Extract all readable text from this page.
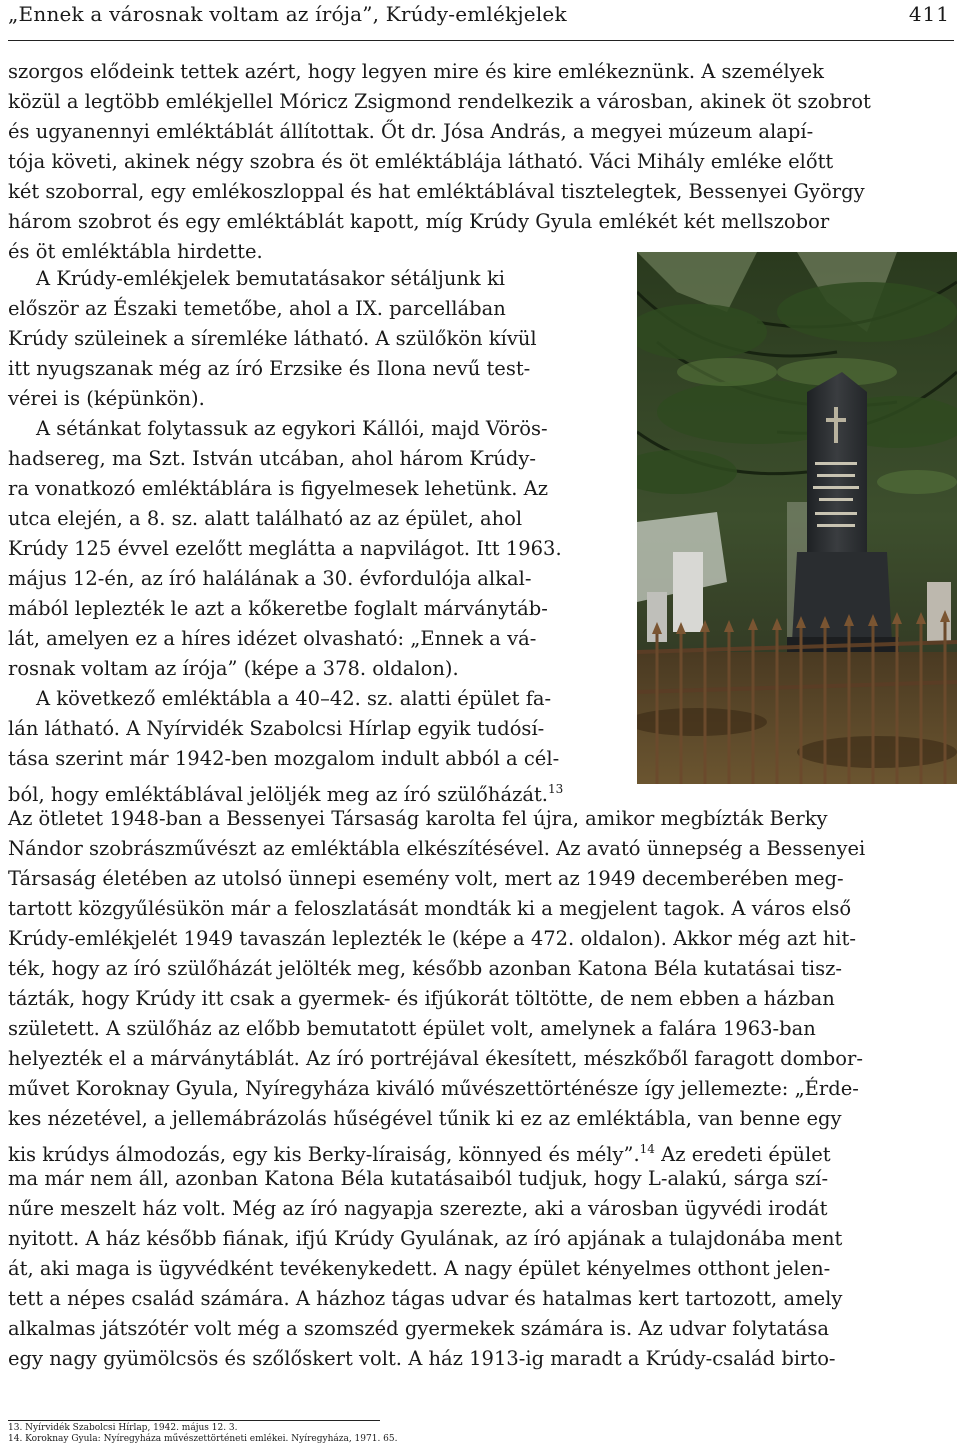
„Ennek a városnak voltam az írója”, Krúdy-emlékjelek	411
szorgos elődeink tettek azért, hogy legyen mire és kire emlékeznünk. A személyek
közül a legtöbb emlékjellel Móricz Zsigmond rendelkezik a városban, akinek öt szobrot
és ugyanennyi emléktáblát állítottak. Őt dr. Jósa András, a megyei múzeum alapí-
tója követi, akinek négy szobra és öt emléktáblája látható. Váci Mihály emléke előtt
két szoborral, egy emlékoszloppal és hat emléktáblával tisztelegtek, Bessenyei György
három szobrot és egy emléktáblát kapott, míg Krúdy Gyula emlékét két mellszobor
és öt emléktábla hirdette.
A Krúdy-emlékjelek bemutatásakor sétáljunk ki
először az Északi temetőbe, ahol a IX. parcellában
Krúdy szüleinek a síremléke látható. A szülőkön kívül
itt nyugszanak még az író Erzsike és Ilona nevű test-
vérei is (képünkön).
A sétánkat folytassuk az egykori Kállói, majd Vörös-
hadsereg, ma Szt. István utcában, ahol három Krúdy-
ra vonatkozó emléktáblára is figyelmesek lehetünk. Az
utca elején, a 8. sz. alatt található az az épület, ahol
Krúdy 125 évvel ezelőtt meglátta a napvilágot. Itt 1963.
május 12-én, az író halálának a 30. évfordulója alkal-
mából leplezték le azt a kőkeretbe foglalt márványtáb-
lát, amelyen ez a híres idézet olvasható: „Ennek a vá-
rosnak voltam az írója” (képe a 378. oldalon).
A következő emléktábla a 40–42. sz. alatti épület fa-
lán látható. A Nyírvidék Szabolcsi Hírlap egyik tudósí-
tása szerint már 1942-ben mozgalom indult abból a cél-
ból, hogy emléktáblával jelöljék meg az író szülőházát.$^{13}$
Az ötletet 1948-ban a Bessenyei Társaság karolta fel újra, amikor megbízták Berky
Nándor szobrászművészt az emléktábla elkészítésével. Az avató ünnepség a Bessenyei
Társaság életében az utolsó ünnepi esemény volt, mert az 1949 decemberében meg-
tartott közgyűlésükön már a feloszlatását mondták ki a megjelent tagok. A város első
Krúdy-emlékjelét 1949 tavaszán leplezték le (képe a 472. oldalon). Akkor még azt hit-
ték, hogy az író szülőházát jelölték meg, később azonban Katona Béla kutatásai tisz-
tázták, hogy Krúdy itt csak a gyermek- és ifjúkorát töltötte, de nem ebben a házban
született. A szülőház az előbb bemutatott épület volt, amelynek a falára 1963-ban
helyezték el a márványtáblát. Az író portréjával ékesített, mészkőből faragott dombor-
művet Koroknay Gyula, Nyíregyháza kiváló művészettörténésze így jellemezte: „Érde-
kes nézetével, a jellemábrázolás hűségével tűnik ki ez az emléktábla, van benne egy
kis krúdys álmodozás, egy kis Berky-líraiság, könnyed és mély”.$^{14}$ Az eredeti épület
ma már nem áll, azonban Katona Béla kutatásaiból tudjuk, hogy L-alakú, sárga szí-
nűre meszelt ház volt. Még az író nagyapja szerezte, aki a városban ügyvédi irodát
nyitott. A ház később fiának, ifjú Krúdy Gyulának, az író apjának a tulajdonába ment
át, aki maga is ügyvédként tevékenykedett. A nagy épület kényelmes otthont jelen-
tett a népes család számára. A házhoz tágas udvar és hatalmas kert tartozott, amely
alkalmas játszótér volt még a szomszéd gyermekek számára is. Az udvar folytatása
egy nagy gyümölcsös és szőlőskert volt. A ház 1913-ig maradt a Krúdy-család birto-
13. Nyírvidék Szabolcsi Hírlap, 1942. május 12. 3.
14. Koroknay Gyula: Nyíregyháza művészettörténeti emlékei. Nyíregyháza, 1971. 65.
